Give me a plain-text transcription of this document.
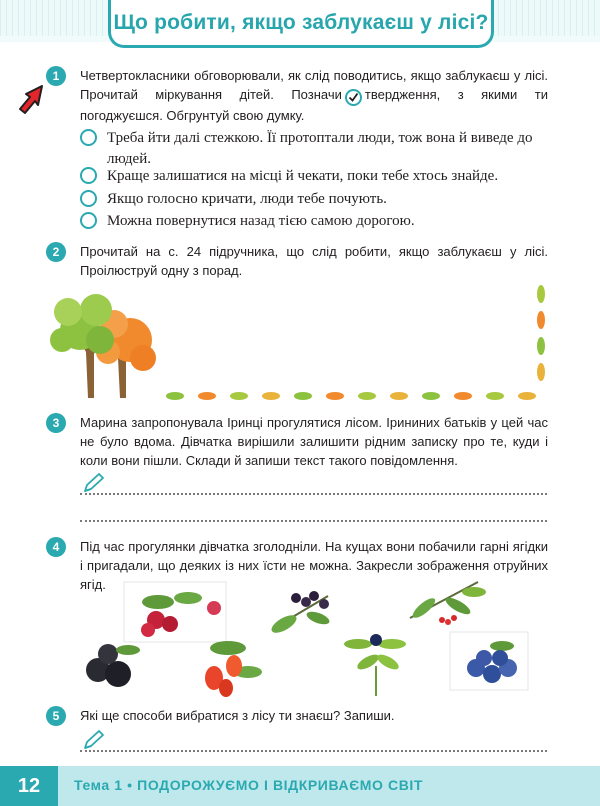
Що робити, якщо заблукаєш у лісі?
1	Четвертокласники обговорювали, як слід поводитись, якщо заблукаєш у лісі. Прочитай міркування дітей. Позначи твердження, з якими ти погоджуєшся. Обгрунтуй свою думку.
Треба йти далі стежкою. Її протоптали люди, тож вона й виведе до людей.
Краще залишатися на місці й чекати, поки тебе хтось знайде.
Якщо голосно кричати, люди тебе почують.
Можна повернутися назад тією самою дорогою.
2	Прочитай на с. 24 підручника, що слід робити, якщо заблукаєш у лісі. Проілюструй одну з порад.
3	Марина запропонувала Іринці прогулятися лісом. Ірининих батьків у цей час не було вдома. Дівчатка вирішили залишити рідним записку про те, куди і коли вони пішли. Склади й запиши текст такого повідомлення.
4	Під час прогулянки дівчатка зголодніли. На кущах вони побачили гарні ягідки і пригадали, що деяких із них їсти не можна. Закресли зображення отруйних ягід.
5	Які ще способи вибратися з лісу ти знаєш? Запиши.
12 Тема 1 • ПОДОРОЖУЄМО І ВІДКРИВАЄМО СВІТ
